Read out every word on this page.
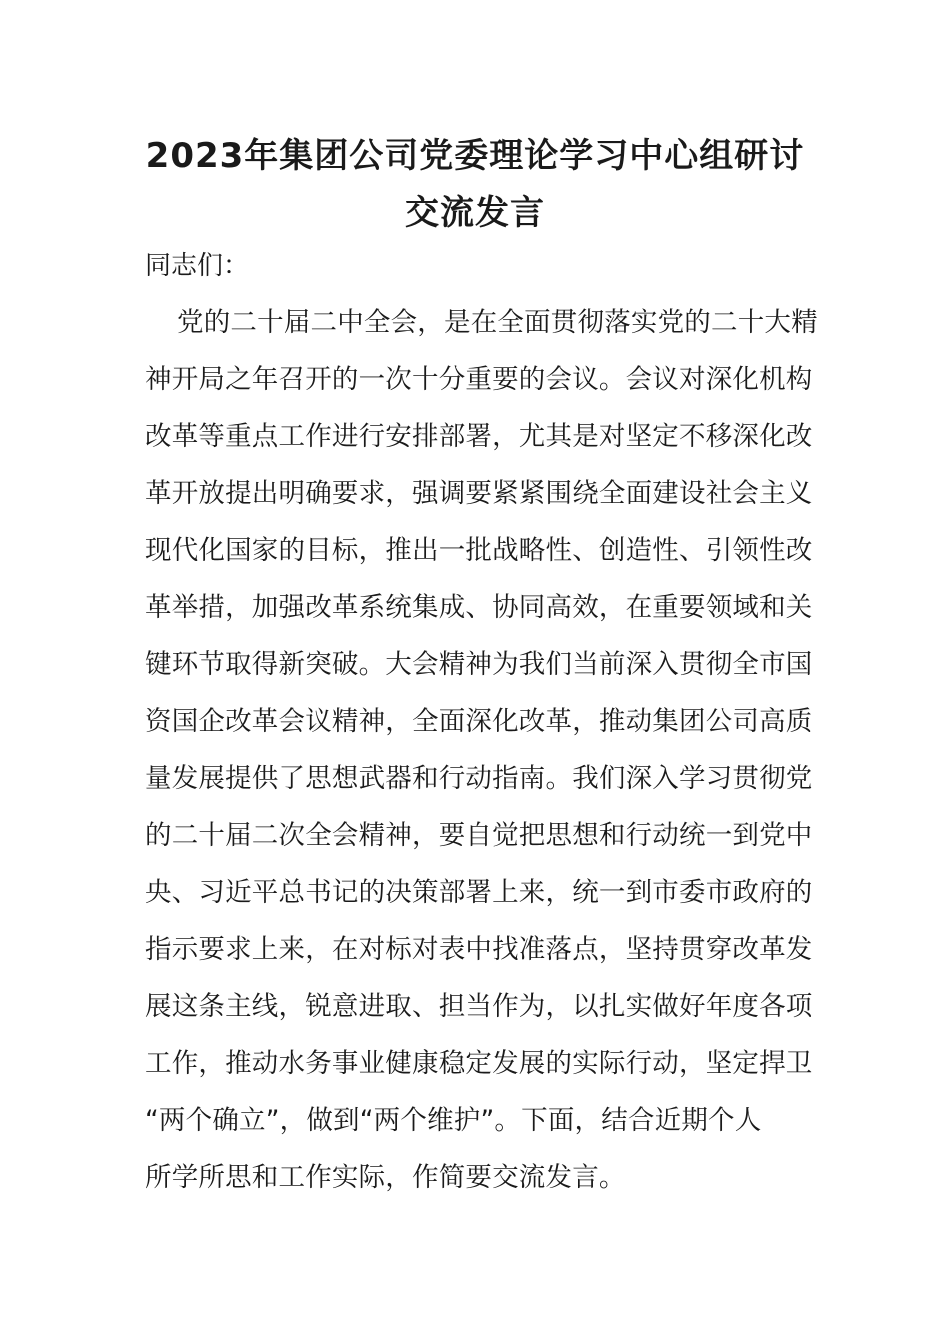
2023年集团公司党委理论学习中心组研讨
交流发言
同志们：
党的二十届二中全会，是在全面贯彻落实党的二十大精
神开局之年召开的一次十分重要的会议。会议对深化机构
改革等重点工作进行安排部署，尤其是对坚定不移深化改
革开放提出明确要求，强调要紧紧围绕全面建设社会主义
现代化国家的目标，推出一批战略性、创造性、引领性改
革举措，加强改革系统集成、协同高效，在重要领域和关
键环节取得新突破。大会精神为我们当前深入贯彻全市国
资国企改革会议精神，全面深化改革，推动集团公司高质
量发展提供了思想武器和行动指南。我们深入学习贯彻党
的二十届二次全会精神，要自觉把思想和行动统一到党中
央、习近平总书记的决策部署上来，统一到市委市政府的
指示要求上来，在对标对表中找准落点，坚持贯穿改革发
展这条主线，锐意进取、担当作为，以扎实做好年度各项
工作，推动水务事业健康稳定发展的实际行动，坚定捍卫
“两个确立”，做到“两个维护”。下面，结合近期个人
所学所思和工作实际，作简要交流发言。
